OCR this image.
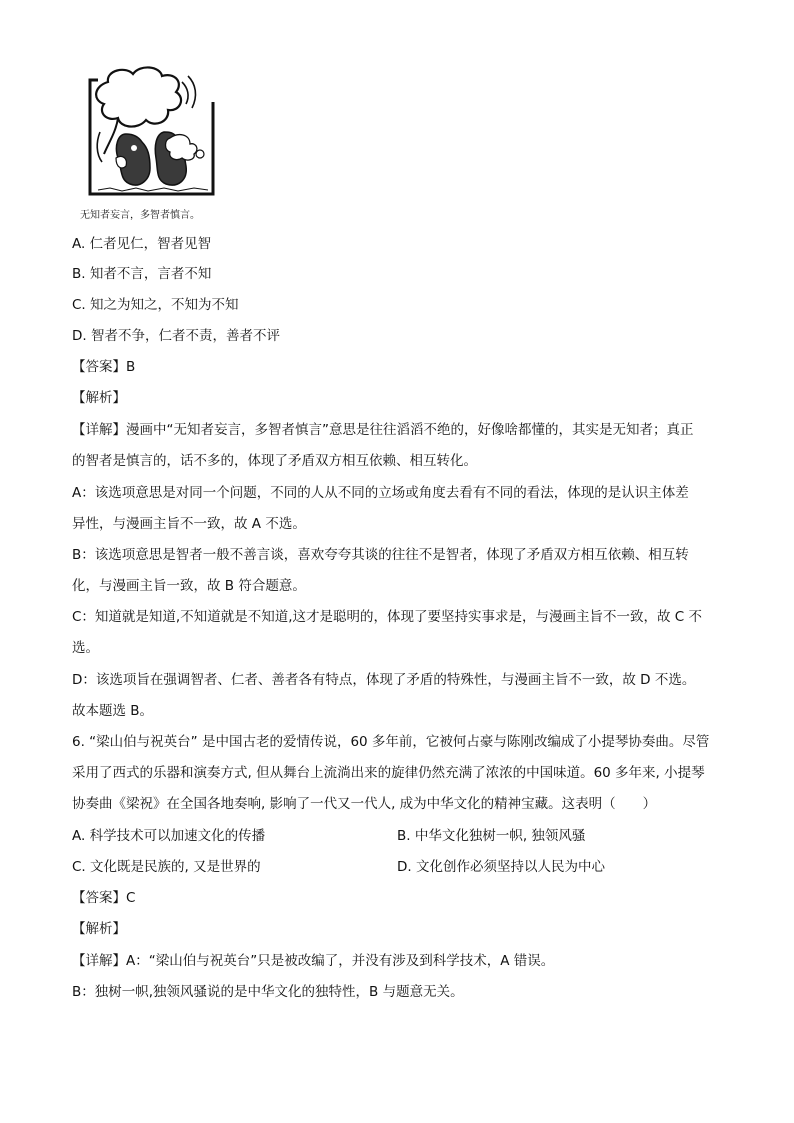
无知者妄言，多智者慎言。
A. 仁者见仁，智者见智
B. 知者不言，言者不知
C. 知之为知之，不知为不知
D. 智者不争，仁者不责，善者不评
【答案】B
【解析】
【详解】漫画中“无知者妄言，多智者慎言”意思是往往滔滔不绝的，好像啥都懂的，其实是无知者；真正
的智者是慎言的，话不多的，体现了矛盾双方相互依赖、相互转化。
A：该选项意思是对同一个问题，不同的人从不同的立场或角度去看有不同的看法，体现的是认识主体差
异性，与漫画主旨不一致，故 A 不选。
B：该选项意思是智者一般不善言谈，喜欢夸夸其谈的往往不是智者，体现了矛盾双方相互依赖、相互转
化，与漫画主旨一致，故 B 符合题意。
C：知道就是知道,不知道就是不知道,这才是聪明的，体现了要坚持实事求是，与漫画主旨不一致，故 C 不
选。
D：该选项旨在强调智者、仁者、善者各有特点，体现了矛盾的特殊性，与漫画主旨不一致，故 D 不选。
故本题选 B。
6. “梁山伯与祝英台” 是中国古老的爱情传说，60 多年前，它被何占豪与陈刚改编成了小提琴协奏曲。尽管
采用了西式的乐器和演奏方式, 但从舞台上流淌出来的旋律仍然充满了浓浓的中国味道。60 多年来, 小提琴
协奏曲《梁祝》在全国各地奏响, 影响了一代又一代人, 成为中华文化的精神宝藏。这表明（　　）
A. 科学技术可以加速文化的传播	B. 中华文化独树一帜, 独领风骚
C. 文化既是民族的, 又是世界的	D. 文化创作必须坚持以人民为中心
【答案】C
【解析】
【详解】A：“梁山伯与祝英台”只是被改编了，并没有涉及到科学技术，A 错误。
B：独树一帜,独领风骚说的是中华文化的独特性，B 与题意无关。
